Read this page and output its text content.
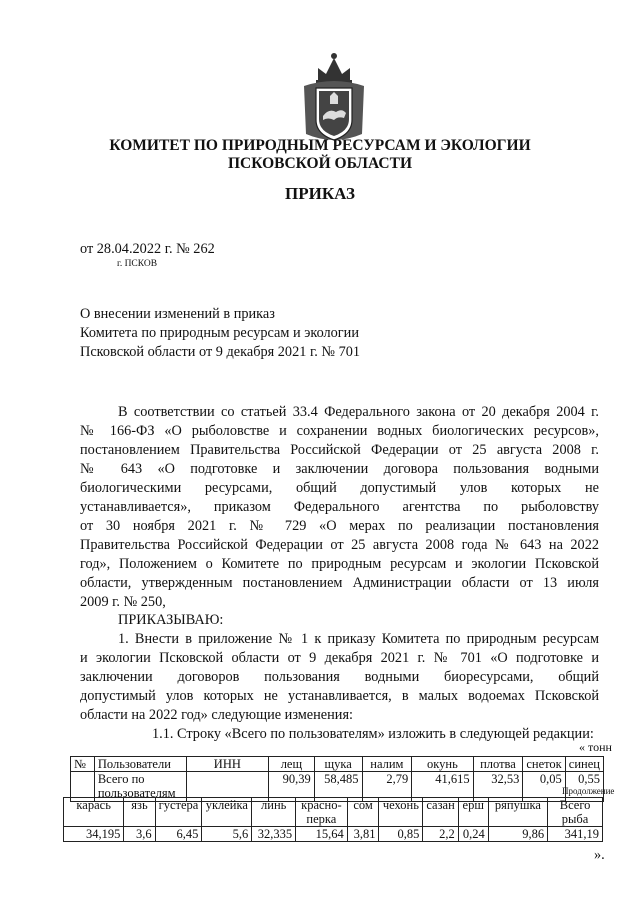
КОМИТЕТ ПО ПРИРОДНЫМ РЕСУРСАМ И ЭКОЛОГИИ
ПСКОВСКОЙ ОБЛАСТИ
ПРИКАЗ
от 28.04.2022 г. № 262
г. ПСКОВ
О внесении изменений в приказ
Комитета по природным ресурсам и экологии
Псковской области от 9 декабря 2021 г. № 701
В соответствии со статьей 33.4 Федерального закона от 20 декабря 2004 г.
№ 166-ФЗ «О рыболовстве и сохранении водных биологических ресурсов»,
постановлением Правительства Российской Федерации от 25 августа 2008 г.
№ 643 «О подготовке и заключении договора пользования водными
биологическими ресурсами, общий допустимый улов которых не
устанавливается», приказом Федерального агентства по рыболовству
от 30 ноября 2021 г. № 729 «О мерах по реализации постановления
Правительства Российской Федерации от 25 августа 2008 года № 643 на 2022
год», Положением о Комитете по природным ресурсам и экологии Псковской
области, утвержденным постановлением Администрации области от 13 июля
2009 г. № 250,
ПРИКАЗЫВАЮ:
1. Внести в приложение № 1 к приказу Комитета по природным ресурсам
и экологии Псковской области от 9 декабря 2021 г. № 701 «О подготовке и
заключении договоров пользования водными биоресурсами, общий
допустимый улов которых не устанавливается, в малых водоемах Псковской
области на 2022 год» следующие изменения:
1.1. Строку «Всего по пользователям» изложить в следующей редакции:
« тонн
№	Пользователи	ИНН	лещ	щука	налим	окунь	плотва	снеток	синец
	Всего по пользователям		90,39	58,485	2,79	41,615	32,53	0,05	0,55
Продолжение
карась	язь	густера	уклейка	линь	красно-перка	сом	чехонь	сазан	ерш	ряпушка	Всего рыба
34,195	3,6	6,45	5,6	32,335	15,64	3,81	0,85	2,2	0,24	9,86	341,19
».
